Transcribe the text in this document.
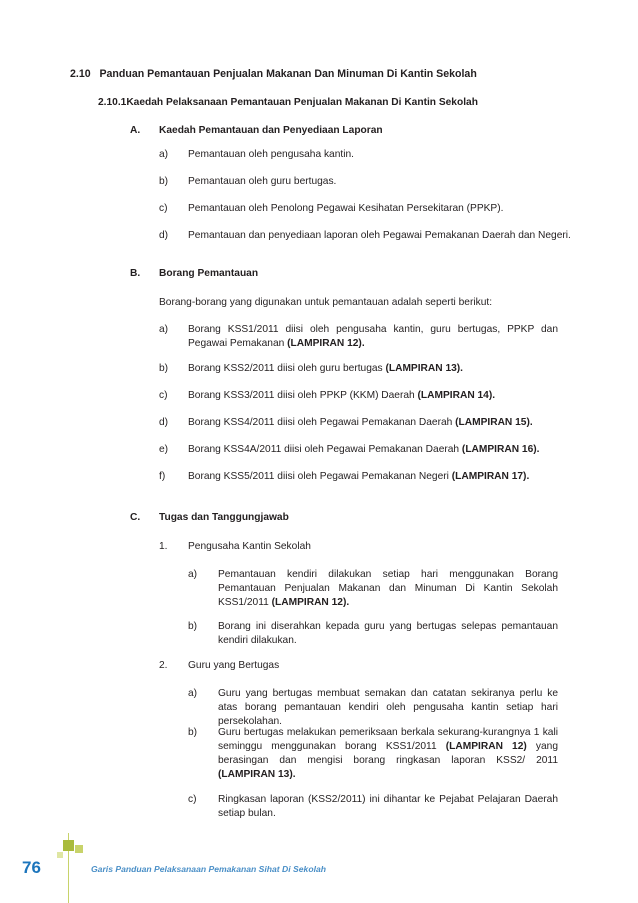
2.10 Panduan Pemantauan Penjualan Makanan Dan Minuman Di Kantin Sekolah
2.10.1Kaedah Pelaksanaan Pemantauan Penjualan Makanan Di Kantin Sekolah
A. Kaedah Pemantauan dan Penyediaan Laporan
a) Pemantauan oleh pengusaha kantin.
b) Pemantauan oleh guru bertugas.
c) Pemantauan oleh Penolong Pegawai Kesihatan Persekitaran (PPKP).
d) Pemantauan dan penyediaan laporan oleh Pegawai Pemakanan Daerah dan Negeri.
B. Borang Pemantauan
Borang-borang yang digunakan untuk pemantauan adalah seperti berikut:
a) Borang KSS1/2011 diisi oleh pengusaha kantin, guru bertugas, PPKP dan Pegawai Pemakanan (LAMPIRAN 12).
b) Borang KSS2/2011 diisi oleh guru bertugas (LAMPIRAN 13).
c) Borang KSS3/2011 diisi oleh PPKP (KKM) Daerah (LAMPIRAN 14).
d) Borang KSS4/2011 diisi oleh Pegawai Pemakanan Daerah (LAMPIRAN 15).
e) Borang KSS4A/2011 diisi oleh Pegawai Pemakanan Daerah (LAMPIRAN 16).
f) Borang KSS5/2011 diisi oleh Pegawai Pemakanan Negeri (LAMPIRAN 17).
C. Tugas dan Tanggungjawab
1. Pengusaha Kantin Sekolah
a) Pemantauan kendiri dilakukan setiap hari menggunakan Borang Pemantauan Penjualan Makanan dan Minuman Di Kantin Sekolah KSS1/2011 (LAMPIRAN 12).
b) Borang ini diserahkan kepada guru yang bertugas selepas pemantauan kendiri dilakukan.
2. Guru yang Bertugas
a) Guru yang bertugas membuat semakan dan catatan sekiranya perlu ke atas borang pemantauan kendiri oleh pengusaha kantin setiap hari persekolahan.
b) Guru bertugas melakukan pemeriksaan berkala sekurang-kurangnya 1 kali seminggu menggunakan borang KSS1/2011 (LAMPIRAN 12) yang berasingan dan mengisi borang ringkasan laporan KSS2/ 2011 (LAMPIRAN 13).
c) Ringkasan laporan (KSS2/2011) ini dihantar ke Pejabat Pelajaran Daerah setiap bulan.
76	Garis Panduan Pelaksanaan Pemakanan Sihat Di Sekolah
